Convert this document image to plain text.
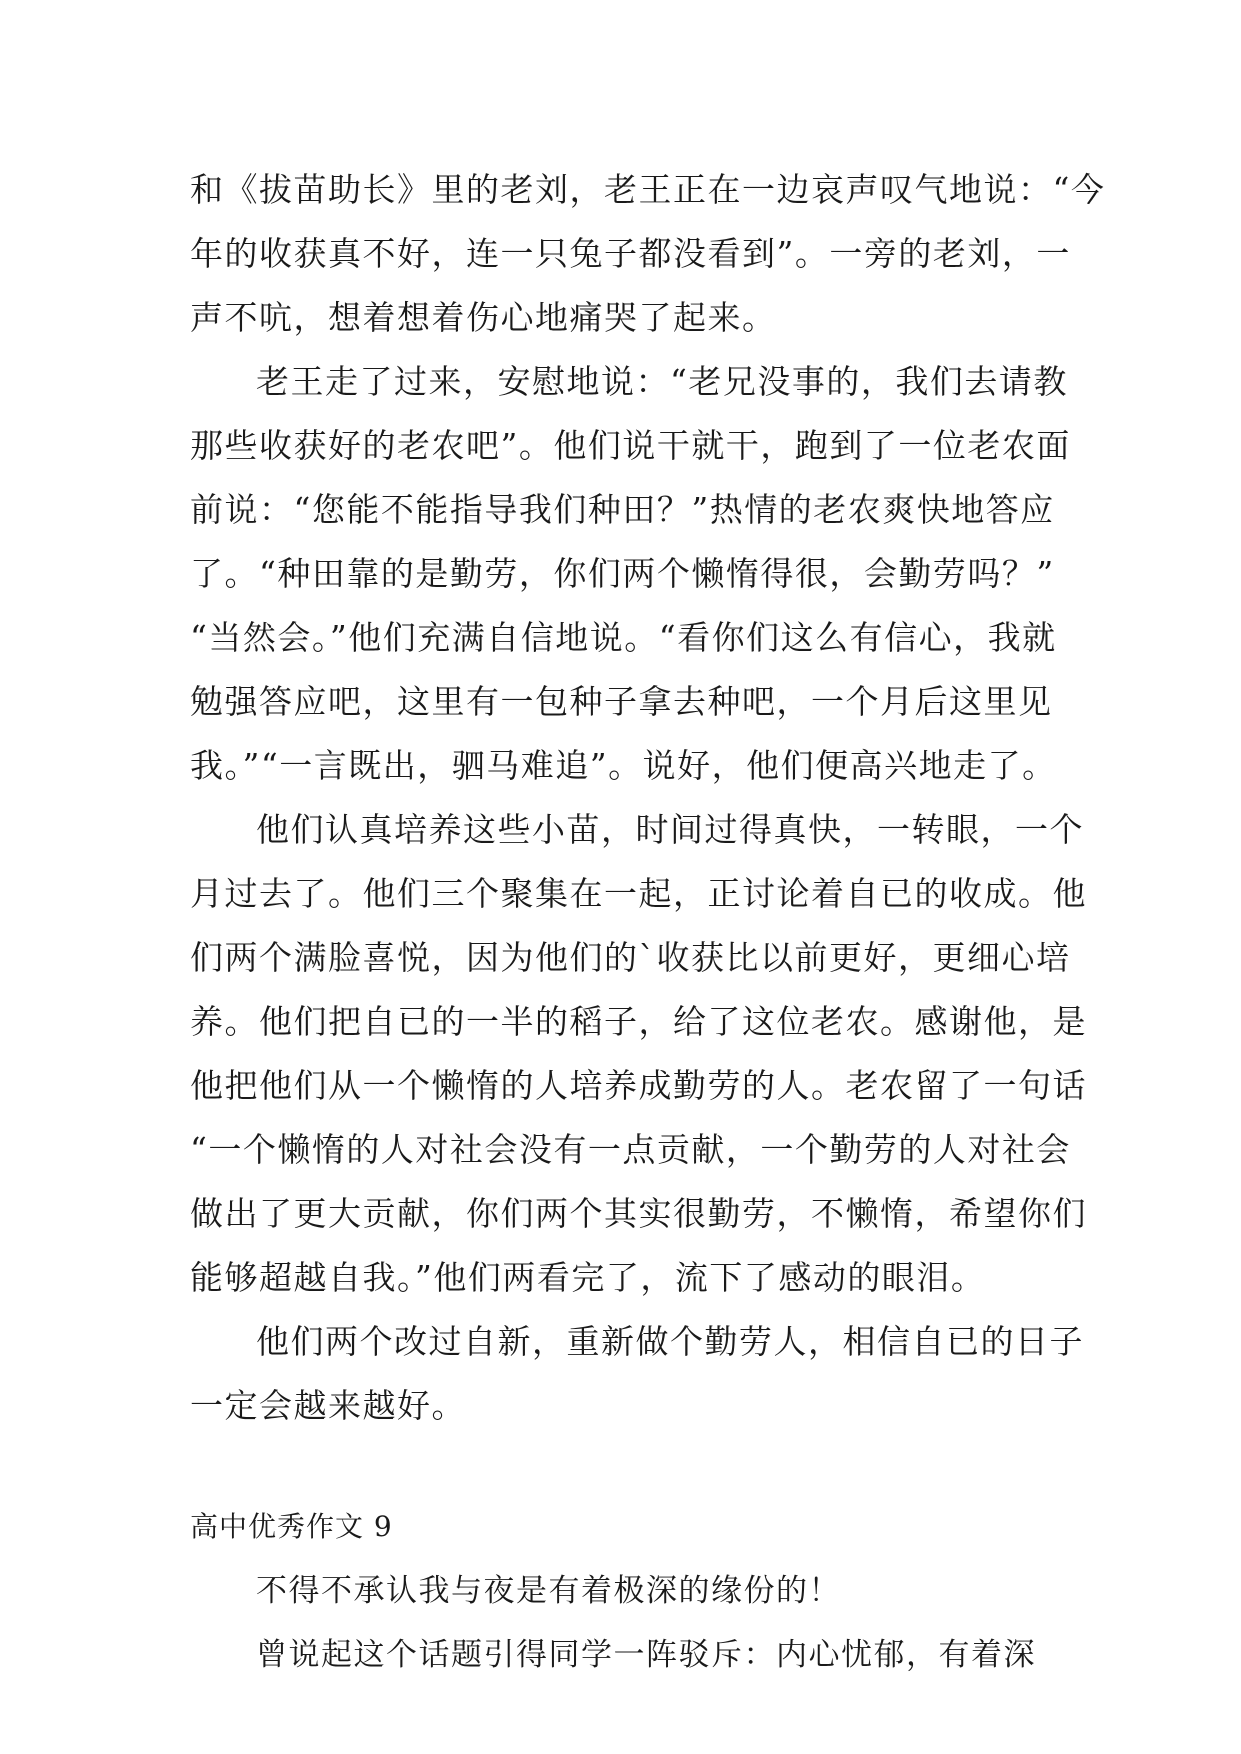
和《拔苗助长》里的老刘，老王正在一边哀声叹气地说：“今
年的收获真不好，连一只兔子都没看到”。一旁的老刘，一
声不吭，想着想着伤心地痛哭了起来。
老王走了过来，安慰地说：“老兄没事的，我们去请教
那些收获好的老农吧”。他们说干就干，跑到了一位老农面
前说：“您能不能指导我们种田？”热情的老农爽快地答应
了。“种田靠的是勤劳，你们两个懒惰得很，会勤劳吗？”
“当然会。”他们充满自信地说。“看你们这么有信心，我就
勉强答应吧，这里有一包种子拿去种吧，一个月后这里见
我。”“一言既出，驷马难追”。说好，他们便高兴地走了。
他们认真培养这些小苗，时间过得真快，一转眼，一个
月过去了。他们三个聚集在一起，正讨论着自已的收成。他
们两个满脸喜悦，因为他们的`收获比以前更好，更细心培
养。他们把自已的一半的稻子，给了这位老农。感谢他，是
他把他们从一个懒惰的人培养成勤劳的人。老农留了一句话
“一个懒惰的人对社会没有一点贡献，一个勤劳的人对社会
做出了更大贡献，你们两个其实很勤劳，不懒惰，希望你们
能够超越自我。”他们两看完了，流下了感动的眼泪。
他们两个改过自新，重新做个勤劳人，相信自已的日子
一定会越来越好。
高中优秀作文 9
不得不承认我与夜是有着极深的缘份的！
曾说起这个话题引得同学一阵驳斥：内心忧郁，有着深
